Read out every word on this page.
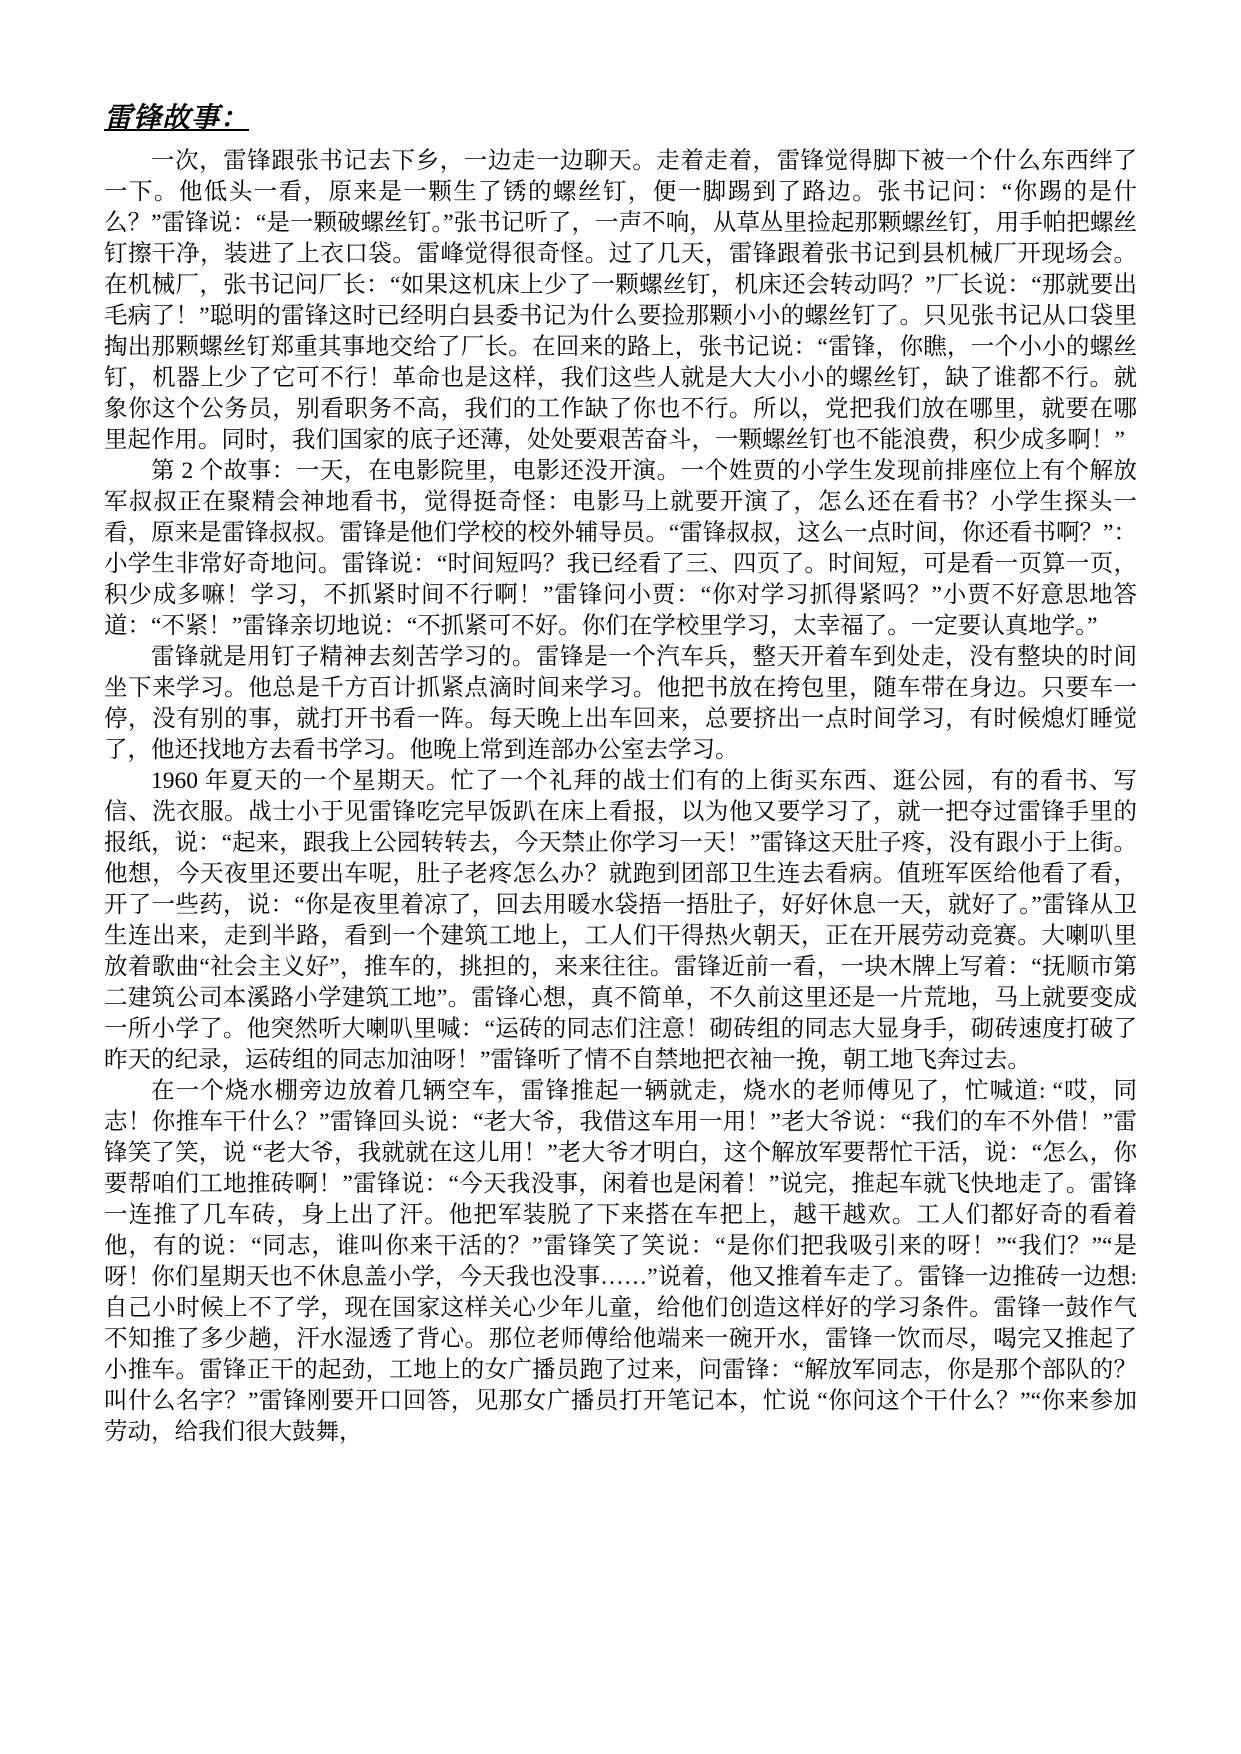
雷锋故事：

一次，雷锋跟张书记去下乡，一边走一边聊天。走着走着，雷锋觉得脚下被一个什么东西绊了一下。他低头一看，原来是一颗生了锈的螺丝钉，便一脚踢到了路边。张书记问：“你踢的是什么？”雷锋说：“是一颗破螺丝钉。”张书记听了，一声不响，从草丛里捡起那颗螺丝钉，用手帕把螺丝钉擦干净，装进了上衣口袋。雷峰觉得很奇怪。过了几天，雷锋跟着张书记到县机械厂开现场会。在机械厂，张书记问厂长：“如果这机床上少了一颗螺丝钉，机床还会转动吗？”厂长说：“那就要出毛病了！”聪明的雷锋这时已经明白县委书记为什么要捡那颗小小的螺丝钉了。只见张书记从口袋里掏出那颗螺丝钉郑重其事地交给了厂长。在回来的路上，张书记说：“雷锋，你瞧，一个小小的螺丝钉，机器上少了它可不行！革命也是这样，我们这些人就是大大小小的螺丝钉，缺了谁都不行。就象你这个公务员，别看职务不高，我们的工作缺了你也不行。所以，党把我们放在哪里，就要在哪里起作用。同时，我们国家的底子还薄，处处要艰苦奋斗，一颗螺丝钉也不能浪费，积少成多啊！”

第 2 个故事：一天，在电影院里，电影还没开演。一个姓贾的小学生发现前排座位上有个解放军叔叔正在聚精会神地看书，觉得挺奇怪：电影马上就要开演了，怎么还在看书？小学生探头一看，原来是雷锋叔叔。雷锋是他们学校的校外辅导员。“雷锋叔叔，这么一点时间，你还看书啊？”：小学生非常好奇地问。雷锋说：“时间短吗？我已经看了三、四页了。时间短，可是看一页算一页，积少成多嘛！学习，不抓紧时间不行啊！”雷锋问小贾：“你对学习抓得紧吗？”小贾不好意思地答道：“不紧！”雷锋亲切地说：“不抓紧可不好。你们在学校里学习，太幸福了。一定要认真地学。”

雷锋就是用钉子精神去刻苦学习的。雷锋是一个汽车兵，整天开着车到处走，没有整块的时间坐下来学习。他总是千方百计抓紧点滴时间来学习。他把书放在挎包里，随车带在身边。只要车一停，没有别的事，就打开书看一阵。每天晚上出车回来，总要挤出一点时间学习，有时候熄灯睡觉了，他还找地方去看书学习。他晚上常到连部办公室去学习。

1960 年夏天的一个星期天。忙了一个礼拜的战士们有的上街买东西、逛公园，有的看书、写信、洗衣服。战士小于见雷锋吃完早饭趴在床上看报，以为他又要学习了，就一把夺过雷锋手里的报纸，说：“起来，跟我上公园转转去，今天禁止你学习一天！”雷锋这天肚子疼，没有跟小于上街。他想，今天夜里还要出车呢，肚子老疼怎么办？就跑到团部卫生连去看病。值班军医给他看了看，开了一些药，说：“你是夜里着凉了，回去用暖水袋捂一捂肚子，好好休息一天，就好了。”雷锋从卫生连出来，走到半路，看到一个建筑工地上，工人们干得热火朝天，正在开展劳动竞赛。大喇叭里放着歌曲“社会主义好”，推车的，挑担的，来来往往。雷锋近前一看，一块木牌上写着：“抚顺市第二建筑公司本溪路小学建筑工地”。雷锋心想，真不简单，不久前这里还是一片荒地，马上就要变成一所小学了。他突然听大喇叭里喊：“运砖的同志们注意！砌砖组的同志大显身手，砌砖速度打破了昨天的纪录，运砖组的同志加油呀！”雷锋听了情不自禁地把衣袖一挽，朝工地飞奔过去。

在一个烧水棚旁边放着几辆空车，雷锋推起一辆就走，烧水的老师傅见了，忙喊道: “哎，同志！你推车干什么？”雷锋回头说：“老大爷，我借这车用一用！”老大爷说：“我们的车不外借！”雷锋笑了笑，说 “老大爷，我就就在这儿用！”老大爷才明白，这个解放军要帮忙干活，说：“怎么，你要帮咱们工地推砖啊！”雷锋说：“今天我没事，闲着也是闲着！”说完，推起车就飞快地走了。雷锋一连推了几车砖，身上出了汗。他把军装脱了下来搭在车把上，越干越欢。工人们都好奇的看着他，有的说：“同志，谁叫你来干活的？”雷锋笑了笑说：“是你们把我吸引来的呀！”“我们？”“是呀！你们星期天也不休息盖小学，今天我也没事……”说着，他又推着车走了。雷锋一边推砖一边想: 自己小时候上不了学，现在国家这样关心少年儿童，给他们创造这样好的学习条件。雷锋一鼓作气不知推了多少趟，汗水湿透了背心。那位老师傅给他端来一碗开水，雷锋一饮而尽，喝完又推起了小推车。雷锋正干的起劲，工地上的女广播员跑了过来，问雷锋：“解放军同志，你是那个部队的？叫什么名字？”雷锋刚要开口回答，见那女广播员打开笔记本，忙说 “你问这个干什么？”“你来参加劳动，给我们很大鼓舞，
